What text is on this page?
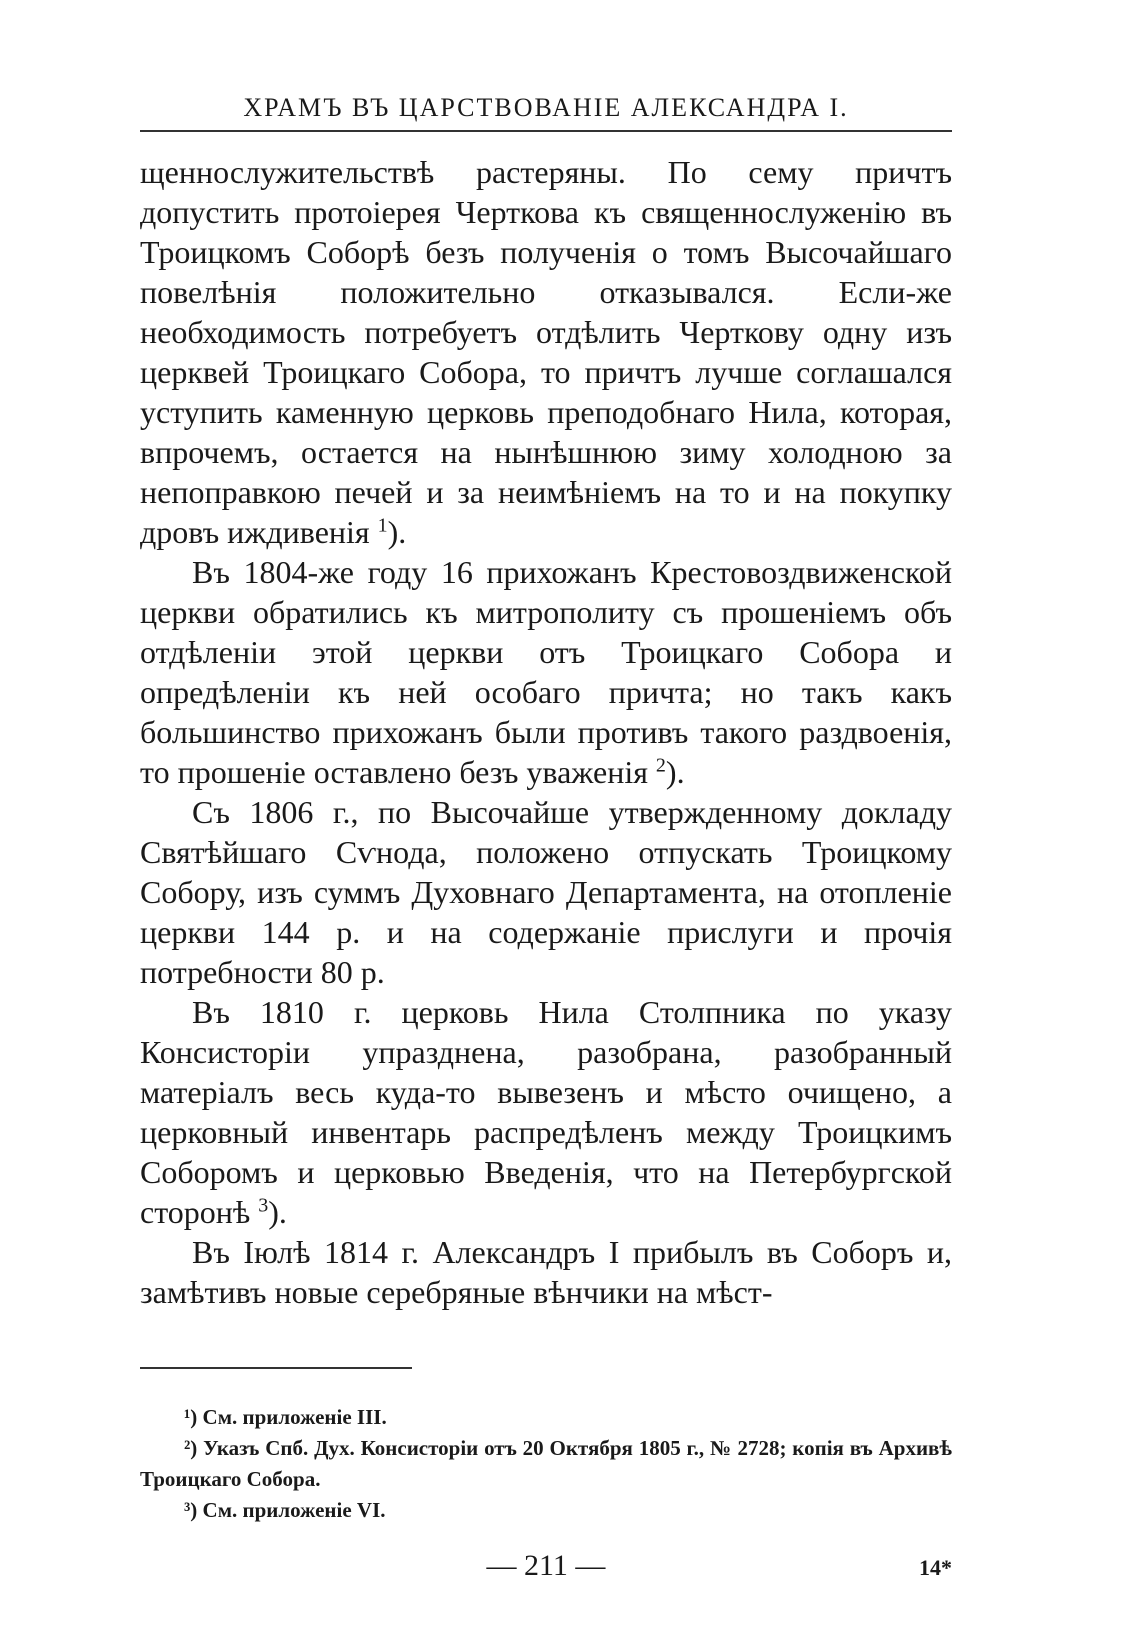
ХРАМЪ ВЪ ЦАРСТВОВАНІЕ АЛЕКСАНДРА I.

щеннослужительствѣ растеряны. По сему причтъ допустить протоіерея Черткова къ священнослуженію въ Троицкомъ Соборѣ безъ полученія о томъ Высочайшаго повелѣнія положительно отказывался. Если-же необходимость потребуетъ отдѣлить Черткову одну изъ церквей Троицкаго Собора, то причтъ лучше соглашался уступить каменную церковь преподобнаго Нила, которая, впрочемъ, остается на нынѣшнюю зиму холодною за непоправкою печей и за неимѣніемъ на то и на покупку дровъ иждивенія $^1$).

Въ 1804-же году 16 прихожанъ Крестовоздвиженской церкви обратились къ митрополиту съ прошеніемъ объ отдѣленіи этой церкви отъ Троицкаго Собора и опредѣленіи къ ней особаго причта; но такъ какъ большинство прихожанъ были противъ такого раздвоенія, то прошеніе оставлено безъ уваженія $^2$).

Съ 1806 г., по Высочайше утвержденному докладу Святѣйшаго Сѵнода, положено отпускать Троицкому Собору, изъ суммъ Духовнаго Департамента, на отопленіе церкви 144 р. и на содержаніе прислуги и прочія потребности 80 р.

Въ 1810 г. церковь Нила Столпника по указу Консисторіи упразднена, разобрана, разобранный матеріалъ весь куда-то вывезенъ и мѣсто очищено, а церковный инвентарь распредѣленъ между Троицкимъ Соборомъ и церковью Введенія, что на Петербургской сторонѣ $^3$).

Въ Іюлѣ 1814 г. Александръ I прибылъ въ Соборъ и, замѣтивъ новые серебряные вѣнчики на мѣст-

¹) См. приложеніе III.

²) Указъ Спб. Дух. Консисторіи отъ 20 Октября 1805 г., № 2728; копія въ Архивѣ Троицкаго Собора.

³) См. приложеніе VI.

— 211 —	14*
